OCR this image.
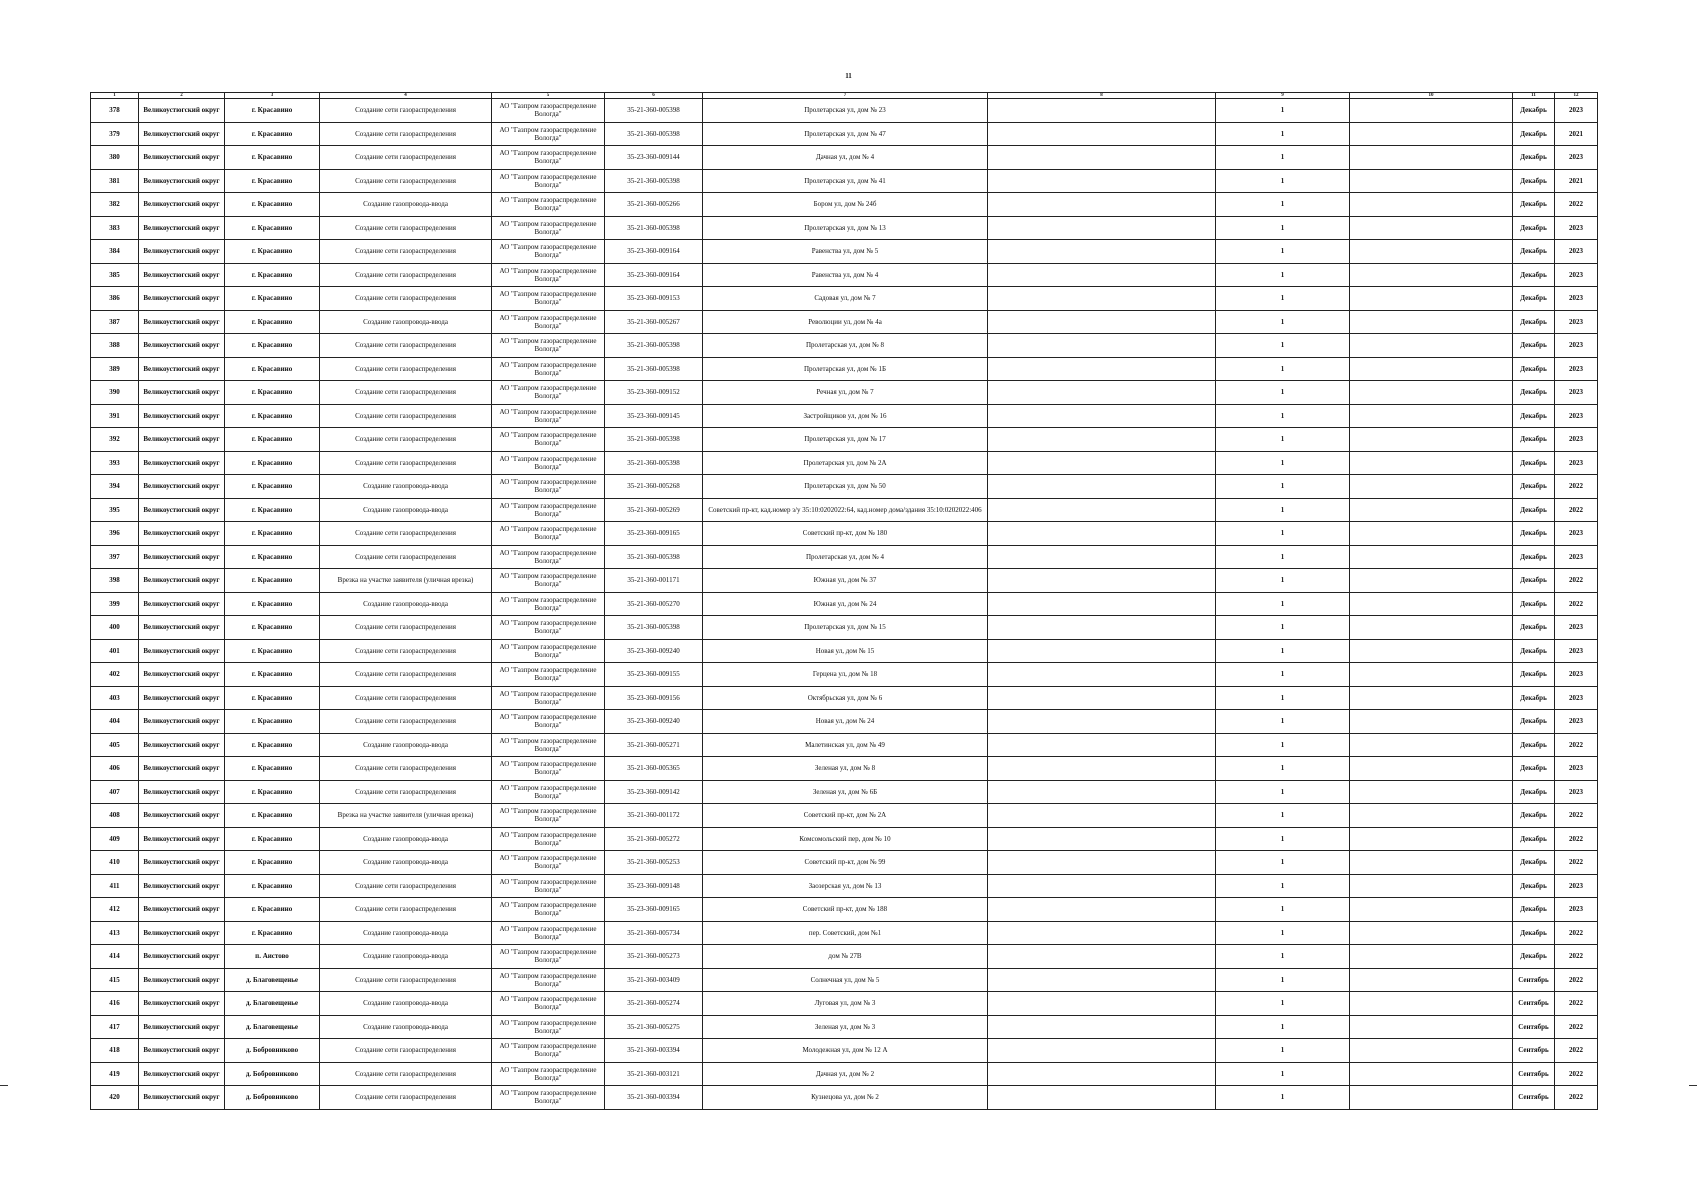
11
1	2	3	4	5	6	7	8	9	10	11	12
378	Великоустюгский округ	г. Красавино	Создание сети газораспределения	АО "Газпром газораспределение Вологда"	35-21-360-005398	Пролетарская ул, дом № 23		1		Декабрь	2023
379	Великоустюгский округ	г. Красавино	Создание сети газораспределения	АО "Газпром газораспределение Вологда"	35-21-360-005398	Пролетарская ул, дом № 47		1		Декабрь	2021
380	Великоустюгский округ	г. Красавино	Создание сети газораспределения	АО "Газпром газораспределение Вологда"	35-23-360-009144	Дачная ул, дом № 4		1		Декабрь	2023
381	Великоустюгский округ	г. Красавино	Создание сети газораспределения	АО "Газпром газораспределение Вологда"	35-21-360-005398	Пролетарская ул, дом № 41		1		Декабрь	2021
382	Великоустюгский округ	г. Красавино	Создание газопровода-ввода	АО "Газпром газораспределение Вологда"	35-21-360-005266	Бором ул, дом № 24б		1		Декабрь	2022
383	Великоустюгский округ	г. Красавино	Создание сети газораспределения	АО "Газпром газораспределение Вологда"	35-21-360-005398	Пролетарская ул, дом № 13		1		Декабрь	2023
384	Великоустюгский округ	г. Красавино	Создание сети газораспределения	АО "Газпром газораспределение Вологда"	35-23-360-009164	Равенства ул, дом № 5		1		Декабрь	2023
385	Великоустюгский округ	г. Красавино	Создание сети газораспределения	АО "Газпром газораспределение Вологда"	35-23-360-009164	Равенства ул, дом № 4		1		Декабрь	2023
386	Великоустюгский округ	г. Красавино	Создание сети газораспределения	АО "Газпром газораспределение Вологда"	35-23-360-009153	Садовая ул, дом № 7		1		Декабрь	2023
387	Великоустюгский округ	г. Красавино	Создание газопровода-ввода	АО "Газпром газораспределение Вологда"	35-21-360-005267	Революции ул, дом № 4а		1		Декабрь	2023
388	Великоустюгский округ	г. Красавино	Создание сети газораспределения	АО "Газпром газораспределение Вологда"	35-21-360-005398	Пролетарская ул, дом № 8		1		Декабрь	2023
389	Великоустюгский округ	г. Красавино	Создание сети газораспределения	АО "Газпром газораспределение Вологда"	35-21-360-005398	Пролетарская ул, дом № 1Б		1		Декабрь	2023
390	Великоустюгский округ	г. Красавино	Создание сети газораспределения	АО "Газпром газораспределение Вологда"	35-23-360-009152	Речная ул, дом № 7		1		Декабрь	2023
391	Великоустюгский округ	г. Красавино	Создание сети газораспределения	АО "Газпром газораспределение Вологда"	35-23-360-009145	Застройщиков ул, дом № 16		1		Декабрь	2023
392	Великоустюгский округ	г. Красавино	Создание сети газораспределения	АО "Газпром газораспределение Вологда"	35-21-360-005398	Пролетарская ул, дом № 17		1		Декабрь	2023
393	Великоустюгский округ	г. Красавино	Создание сети газораспределения	АО "Газпром газораспределение Вологда"	35-21-360-005398	Пролетарская ул, дом № 2А		1		Декабрь	2023
394	Великоустюгский округ	г. Красавино	Создание газопровода-ввода	АО "Газпром газораспределение Вологда"	35-21-360-005268	Пролетарская ул, дом № 50		1		Декабрь	2022
395	Великоустюгский округ	г. Красавино	Создание газопровода-ввода	АО "Газпром газораспределение Вологда"	35-21-360-005269	Советский пр-кт, кад.номер з/у 35:10:0202022:64, кад.номер дома/здания 35:10:0202022:406		1		Декабрь	2022
396	Великоустюгский округ	г. Красавино	Создание сети газораспределения	АО "Газпром газораспределение Вологда"	35-23-360-009165	Советский пр-кт, дом № 180		1		Декабрь	2023
397	Великоустюгский округ	г. Красавино	Создание сети газораспределения	АО "Газпром газораспределение Вологда"	35-21-360-005398	Пролетарская ул, дом № 4		1		Декабрь	2023
398	Великоустюгский округ	г. Красавино	Врезка на участке заявителя (уличная врезка)	АО "Газпром газораспределение Вологда"	35-21-360-001171	Южная ул, дом № 37		1		Декабрь	2022
399	Великоустюгский округ	г. Красавино	Создание газопровода-ввода	АО "Газпром газораспределение Вологда"	35-21-360-005270	Южная ул, дом № 24		1		Декабрь	2022
400	Великоустюгский округ	г. Красавино	Создание сети газораспределения	АО "Газпром газораспределение Вологда"	35-21-360-005398	Пролетарская ул, дом № 15		1		Декабрь	2023
401	Великоустюгский округ	г. Красавино	Создание сети газораспределения	АО "Газпром газораспределение Вологда"	35-23-360-009240	Новая ул, дом № 15		1		Декабрь	2023
402	Великоустюгский округ	г. Красавино	Создание сети газораспределения	АО "Газпром газораспределение Вологда"	35-23-360-009155	Герцена ул, дом № 18		1		Декабрь	2023
403	Великоустюгский округ	г. Красавино	Создание сети газораспределения	АО "Газпром газораспределение Вологда"	35-23-360-009156	Октябрьская ул, дом № 6		1		Декабрь	2023
404	Великоустюгский округ	г. Красавино	Создание сети газораспределения	АО "Газпром газораспределение Вологда"	35-23-360-009240	Новая ул, дом № 24		1		Декабрь	2023
405	Великоустюгский округ	г. Красавино	Создание газопровода-ввода	АО "Газпром газораспределение Вологда"	35-21-360-005271	Малетинская ул, дом № 49		1		Декабрь	2022
406	Великоустюгский округ	г. Красавино	Создание сети газораспределения	АО "Газпром газораспределение Вологда"	35-21-360-005365	Зеленая ул, дом № 8		1		Декабрь	2023
407	Великоустюгский округ	г. Красавино	Создание сети газораспределения	АО "Газпром газораспределение Вологда"	35-23-360-009142	Зеленая ул, дом № 6Б		1		Декабрь	2023
408	Великоустюгский округ	г. Красавино	Врезка на участке заявителя (уличная врезка)	АО "Газпром газораспределение Вологда"	35-21-360-001172	Советский пр-кт, дом № 2А		1		Декабрь	2022
409	Великоустюгский округ	г. Красавино	Создание газопровода-ввода	АО "Газпром газораспределение Вологда"	35-21-360-005272	Комсомольский пер, дом № 10		1		Декабрь	2022
410	Великоустюгский округ	г. Красавино	Создание газопровода-ввода	АО "Газпром газораспределение Вологда"	35-21-360-005253	Советский пр-кт, дом № 99		1		Декабрь	2022
411	Великоустюгский округ	г. Красавино	Создание сети газораспределения	АО "Газпром газораспределение Вологда"	35-23-360-009148	Заозерская ул, дом № 13		1		Декабрь	2023
412	Великоустюгский округ	г. Красавино	Создание сети газораспределения	АО "Газпром газораспределение Вологда"	35-23-360-009165	Советский пр-кт, дом № 188		1		Декабрь	2023
413	Великоустюгский округ	г. Красавино	Создание газопровода-ввода	АО "Газпром газораспределение Вологда"	35-21-360-005734	пер. Советский, дом №1		1		Декабрь	2022
414	Великоустюгский округ	п. Аистово	Создание газопровода-ввода	АО "Газпром газораспределение Вологда"	35-21-360-005273	дом № 27В		1		Декабрь	2022
415	Великоустюгский округ	д. Благовещенье	Создание сети газораспределения	АО "Газпром газораспределение Вологда"	35-21-360-003409	Солнечная ул, дом № 5		1		Сентябрь	2022
416	Великоустюгский округ	д. Благовещенье	Создание газопровода-ввода	АО "Газпром газораспределение Вологда"	35-21-360-005274	Луговая ул, дом № 3		1		Сентябрь	2022
417	Великоустюгский округ	д. Благовещенье	Создание газопровода-ввода	АО "Газпром газораспределение Вологда"	35-21-360-005275	Зеленая ул, дом № 3		1		Сентябрь	2022
418	Великоустюгский округ	д. Бобровниково	Создание сети газораспределения	АО "Газпром газораспределение Вологда"	35-21-360-003394	Молодежная ул, дом № 12 А		1		Сентябрь	2022
419	Великоустюгский округ	д. Бобровниково	Создание сети газораспределения	АО "Газпром газораспределение Вологда"	35-21-360-003121	Дачная ул, дом № 2		1		Сентябрь	2022
420	Великоустюгский округ	д. Бобровниково	Создание сети газораспределения	АО "Газпром газораспределение Вологда"	35-21-360-003394	Кузнецова ул, дом № 2		1		Сентябрь	2022
